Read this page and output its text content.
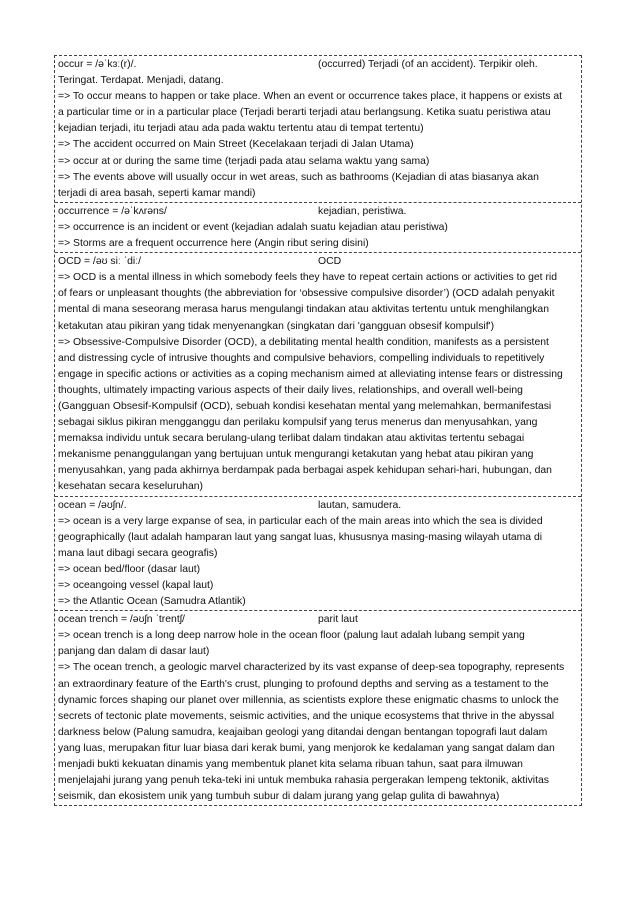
occur = /əˈkɜː(r)/.	(occurred) Terjadi (of an accident). Terpikir oleh.
Teringat. Terdapat. Menjadi, datang.
=> To occur means to happen or take place. When an event or occurrence takes place, it happens or exists at
a particular time or in a particular place (Terjadi berarti terjadi atau berlangsung. Ketika suatu peristiwa atau
kejadian terjadi, itu terjadi atau ada pada waktu tertentu atau di tempat tertentu)
=> The accident occurred on Main Street (Kecelakaan terjadi di Jalan Utama)
=> occur at or during the same time (terjadi pada atau selama waktu yang sama)
=> The events above will usually occur in wet areas, such as bathrooms (Kejadian di atas biasanya akan
terjadi di area basah, seperti kamar mandi)
occurrence = /əˈkʌrəns/	kejadian, peristiwa.
=> occurrence is an incident or event (kejadian adalah suatu kejadian atau peristiwa)
=> Storms are a frequent occurrence here (Angin ribut sering disini)
OCD = /əʊ siː ˈdiː/	OCD
=> OCD is a mental illness in which somebody feels they have to repeat certain actions or activities to get rid
of fears or unpleasant thoughts (the abbreviation for ‘obsessive compulsive disorder’) (OCD adalah penyakit
mental di mana seseorang merasa harus mengulangi tindakan atau aktivitas tertentu untuk menghilangkan
ketakutan atau pikiran yang tidak menyenangkan (singkatan dari 'gangguan obsesif kompulsif')
=> Obsessive-Compulsive Disorder (OCD), a debilitating mental health condition, manifests as a persistent
and distressing cycle of intrusive thoughts and compulsive behaviors, compelling individuals to repetitively
engage in specific actions or activities as a coping mechanism aimed at alleviating intense fears or distressing
thoughts, ultimately impacting various aspects of their daily lives, relationships, and overall well-being
(Gangguan Obsesif-Kompulsif (OCD), sebuah kondisi kesehatan mental yang melemahkan, bermanifestasi
sebagai siklus pikiran mengganggu dan perilaku kompulsif yang terus menerus dan menyusahkan, yang
memaksa individu untuk secara berulang-ulang terlibat dalam tindakan atau aktivitas tertentu sebagai
mekanisme penanggulangan yang bertujuan untuk mengurangi ketakutan yang hebat atau pikiran yang
menyusahkan, yang pada akhirnya berdampak pada berbagai aspek kehidupan sehari-hari, hubungan, dan
kesehatan secara keseluruhan)
ocean = /əʊʃn/.	lautan, samudera.
=> ocean is a very large expanse of sea, in particular each of the main areas into which the sea is divided
geographically (laut adalah hamparan laut yang sangat luas, khususnya masing-masing wilayah utama di
mana laut dibagi secara geografis)
=> ocean bed/floor (dasar laut)
=> oceangoing vessel (kapal laut)
=> the Atlantic Ocean (Samudra Atlantik)
ocean trench = /əʊʃn ˈtrentʃ/	parit laut
=> ocean trench is a long deep narrow hole in the ocean floor (palung laut adalah lubang sempit yang
panjang dan dalam di dasar laut)
=> The ocean trench, a geologic marvel characterized by its vast expanse of deep-sea topography, represents
an extraordinary feature of the Earth's crust, plunging to profound depths and serving as a testament to the
dynamic forces shaping our planet over millennia, as scientists explore these enigmatic chasms to unlock the
secrets of tectonic plate movements, seismic activities, and the unique ecosystems that thrive in the abyssal
darkness below (Palung samudra, keajaiban geologi yang ditandai dengan bentangan topografi laut dalam
yang luas, merupakan fitur luar biasa dari kerak bumi, yang menjorok ke kedalaman yang sangat dalam dan
menjadi bukti kekuatan dinamis yang membentuk planet kita selama ribuan tahun, saat para ilmuwan
menjelajahi jurang yang penuh teka-teki ini untuk membuka rahasia pergerakan lempeng tektonik, aktivitas
seismik, dan ekosistem unik yang tumbuh subur di dalam jurang yang gelap gulita di bawahnya)
